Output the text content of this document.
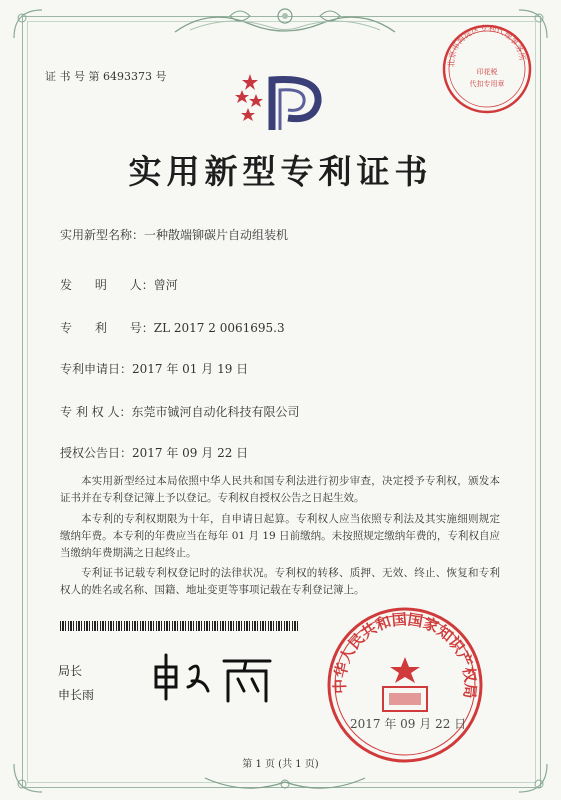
证 书 号 第 6493373 号
实用新型专利证书
实用新型名称：一种散端铆碳片自动组装机
发      明      人：曾河
专      利      号：ZL 2017 2 0061695.3
专利申请日：2017 年 01 月 19 日
专 利 权 人：东莞市铖河自动化科技有限公司
授权公告日：2017 年 09 月 22 日
本实用新型经过本局依照中华人民共和国专利法进行初步审查，决定授予专利权，颁发本证书并在专利登记簿上予以登记。专利权自授权公告之日起生效。
本专利的专利权期限为十年，自申请日起算。专利权人应当依照专利法及其实施细则规定缴纳年费。本专利的年费应当在每年 01 月 19 日前缴纳。未按照规定缴纳年费的，专利权自应当缴纳年费期满之日起终止。
专利证书记载专利权登记时的法律状况。专利权的转移、质押、无效、终止、恢复和专利权人的姓名或名称、国籍、地址变更等事项记载在专利登记簿上。
局长
申长雨
北京市海淀区专利代理事务所
印花税
代扣专用章
中华人民共和国国家知识产权局
2017 年 09 月 22 日
第 1 页 (共 1 页)
